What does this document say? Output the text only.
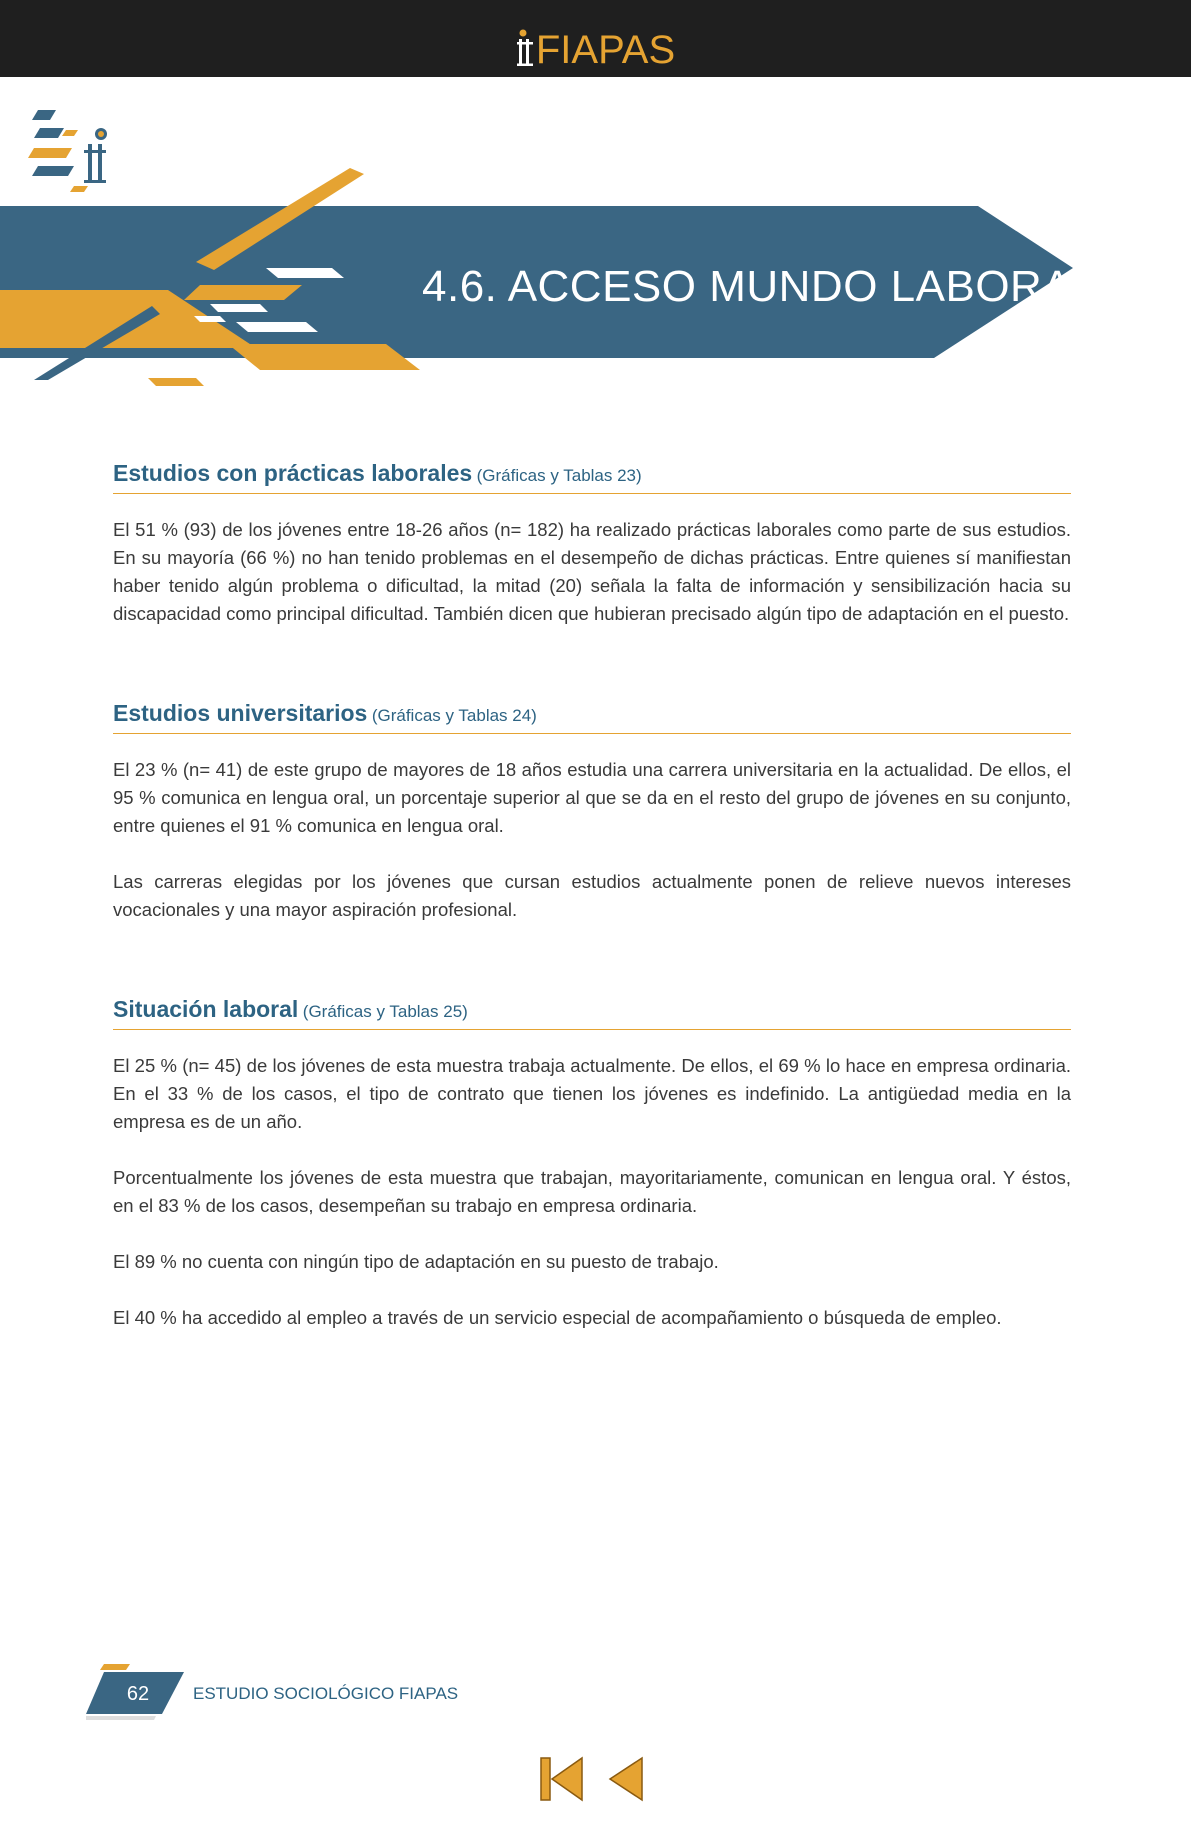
FIAPAS
4.6. ACCESO MUNDO LABORAL
Estudios con prácticas laborales (Gráficas y Tablas 23)

El 51 % (93) de los jóvenes entre 18-26 años (n= 182) ha realizado prácticas laborales como parte de sus estudios. En su mayoría (66 %) no han tenido problemas en el desempeño de dichas prácticas. Entre quienes sí manifiestan haber tenido algún problema o dificultad, la mitad (20) señala la falta de información y sensibilización hacia su discapacidad como principal dificultad. También dicen que hubieran precisado algún tipo de adaptación en el puesto.

Estudios universitarios (Gráficas y Tablas 24)

El 23 % (n= 41) de este grupo de mayores de 18 años estudia una carrera universitaria en la actualidad. De ellos, el 95 % comunica en lengua oral, un porcentaje superior al que se da en el resto del grupo de jóvenes en su conjunto, entre quienes el 91 % comunica en lengua oral.

Las carreras elegidas por los jóvenes que cursan estudios actualmente ponen de relieve nuevos intereses vocacionales y una mayor aspiración profesional.

Situación laboral (Gráficas y Tablas 25)

El 25 % (n= 45) de los jóvenes de esta muestra trabaja actualmente. De ellos, el 69 % lo hace en empresa ordinaria. En el 33 % de los casos, el tipo de contrato que tienen los jóvenes es indefinido. La antigüedad media en la empresa es de un año.

Porcentualmente los jóvenes de esta muestra que trabajan, mayoritariamente, comunican en lengua oral. Y éstos, en el 83 % de los casos, desempeñan su trabajo en empresa ordinaria.

El 89 % no cuenta con ningún tipo de adaptación en su puesto de trabajo.

El 40 % ha accedido al empleo a través de un servicio especial de acompañamiento o búsqueda de empleo.

62	ESTUDIO SOCIOLÓGICO FIAPAS
